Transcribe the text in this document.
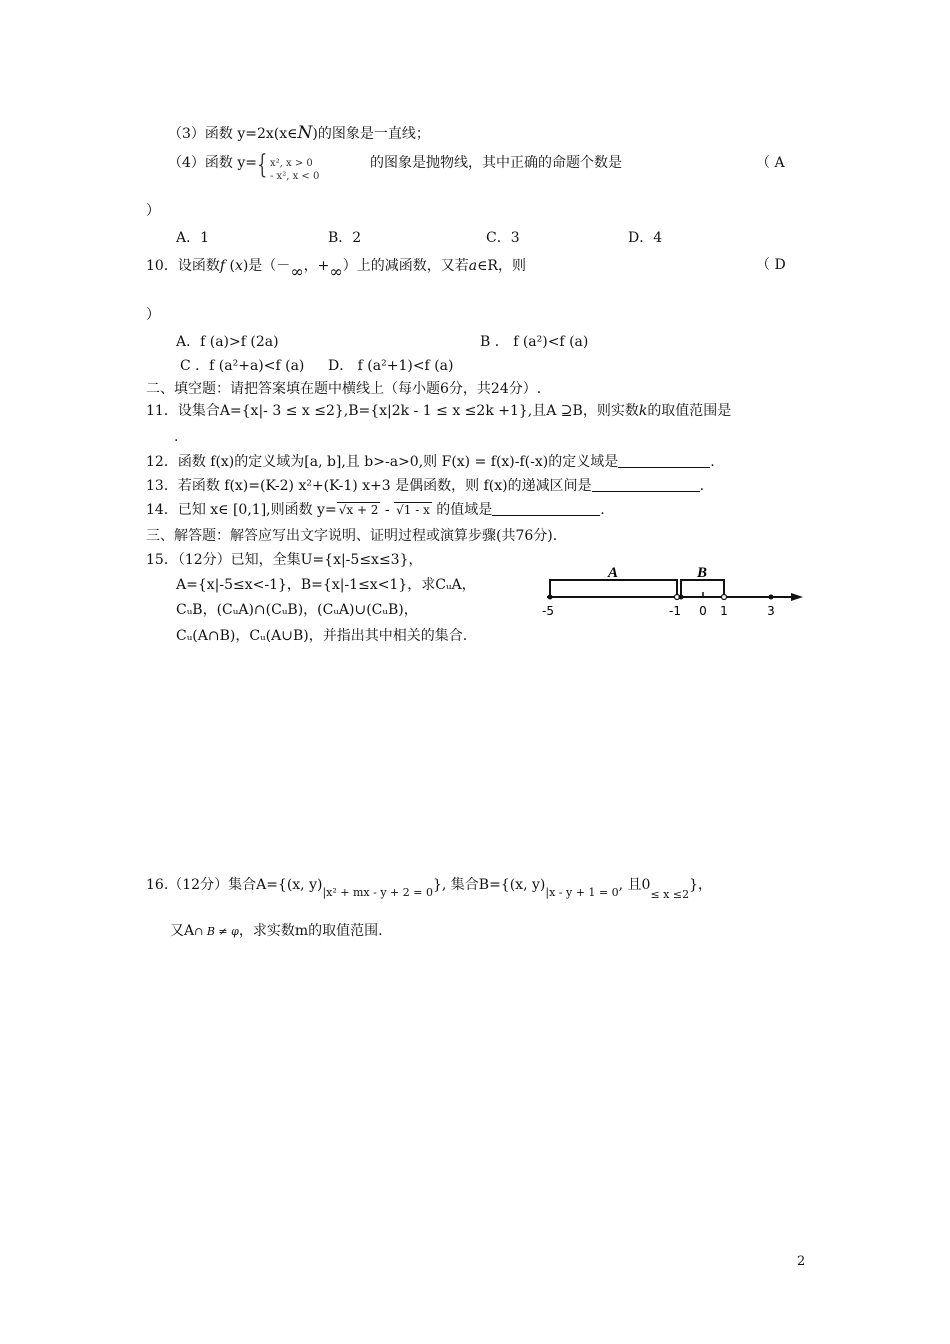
（3）函数 y=2x(x∈N)的图象是一直线；
（4）函数 y= { x², x > 0
- x², x < 0
的图象是抛物线，其中正确的命题个数是	（ A
）
A．1	B．2	C．3	D．4
10．设函数f (x)是（－∞，+∞）上的减函数，又若a∈R，则	（ D
）
A．f (a)>f (2a)	B ． f (a²)<f (a)
C ．f (a²+a)<f (a) D． f (a²+1)<f (a)
二、填空题：请把答案填在题中横线上（每小题6分，共24分）.
11．设集合A={x|- 3 ≤ x ≤2},B={x|2k - 1 ≤ x ≤2k +1},且A ⊇B，则实数k的取值范围是
.
12．函数 f(x)的定义域为[a, b],且 b>-a>0,则 F(x) = f(x)-f(-x)的定义域是	.
13．若函数 f(x)=(K-2) x²+(K-1) x+3 是偶函数，则 f(x)的递减区间是	.
14．已知 x∈ [0,1],则函数 y= √x + 2 - √1 - x 的值域是	.
三、解答题：解答应写出文字说明、证明过程或演算步骤(共76分).
15．（12分）已知，全集U={x|-5≤x≤3}，
A={x|-5≤x<-1}，B={x|-1≤x<1}，求CᵤA，
CᵤB，(CᵤA)∩(CᵤB)，(CᵤA)∪(CᵤB)，
Cᵤ(A∩B)，Cᵤ(A∪B)，并指出其中相关的集合.
A	B
-5	-1 0 1	3
16.（12分）集合A={(x, $y)_{|x^2 + mx - y + 2 = 0}$}, 集合B={(x, $y)_{|x - y + 1 = 0}$, 且$0_{\le x \le 2}$}，
又A∩ B ≠ φ，求实数m的取值范围.
2
